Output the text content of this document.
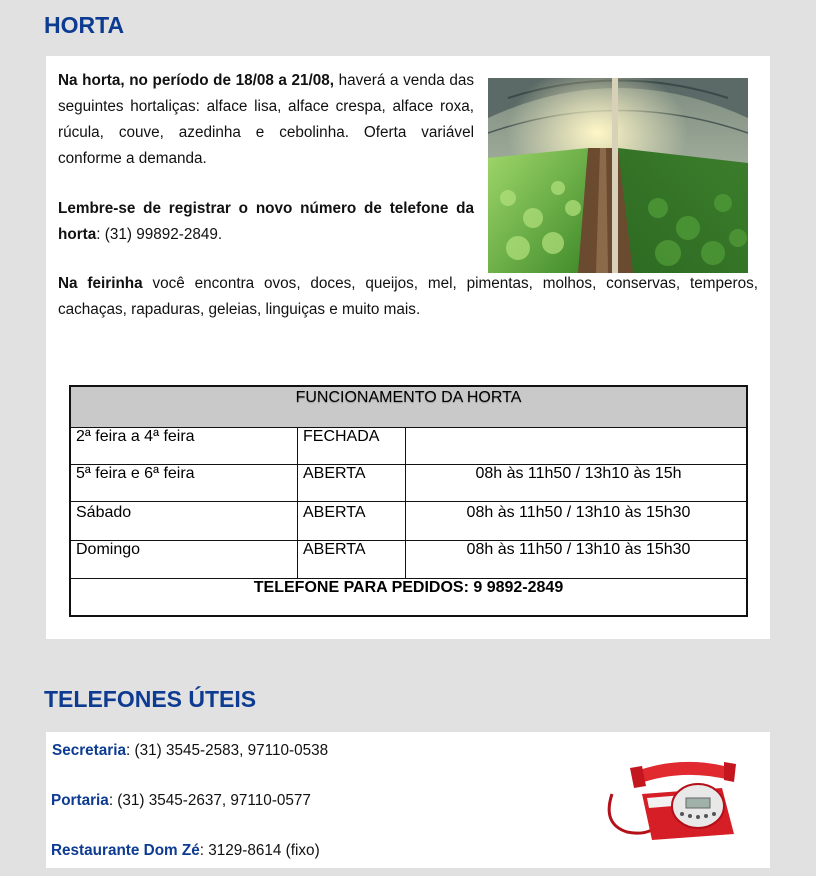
HORTA

Na horta, no período de 18/08 a 21/08, haverá a venda das seguintes hortaliças: alface lisa, alface crespa, alface roxa, rúcula, couve, azedinha e cebolinha. Oferta variável conforme a demanda.

Lembre-se de registrar o novo número de telefone da horta: (31) 99892-2849.

Na feirinha você encontra ovos, doces, queijos, mel, pimentas, molhos, conservas, temperos, cachaças, rapaduras, geleias, linguiças e muito mais.

FUNCIONAMENTO DA HORTA
2ª feira a 4ª feira	FECHADA
5ª feira e 6ª feira	ABERTA	08h às 11h50 / 13h10 às 15h
Sábado	ABERTA	08h às 11h50 / 13h10 às 15h30
Domingo	ABERTA	08h às 11h50 / 13h10 às 15h30
TELEFONE PARA PEDIDOS: 9 9892-2849
TELEFONES ÚTEIS

Secretaria: (31) 3545-2583, 97110-0538

Portaria: (31) 3545-2637, 97110-0577

Restaurante Dom Zé: 3129-8614 (fixo)
